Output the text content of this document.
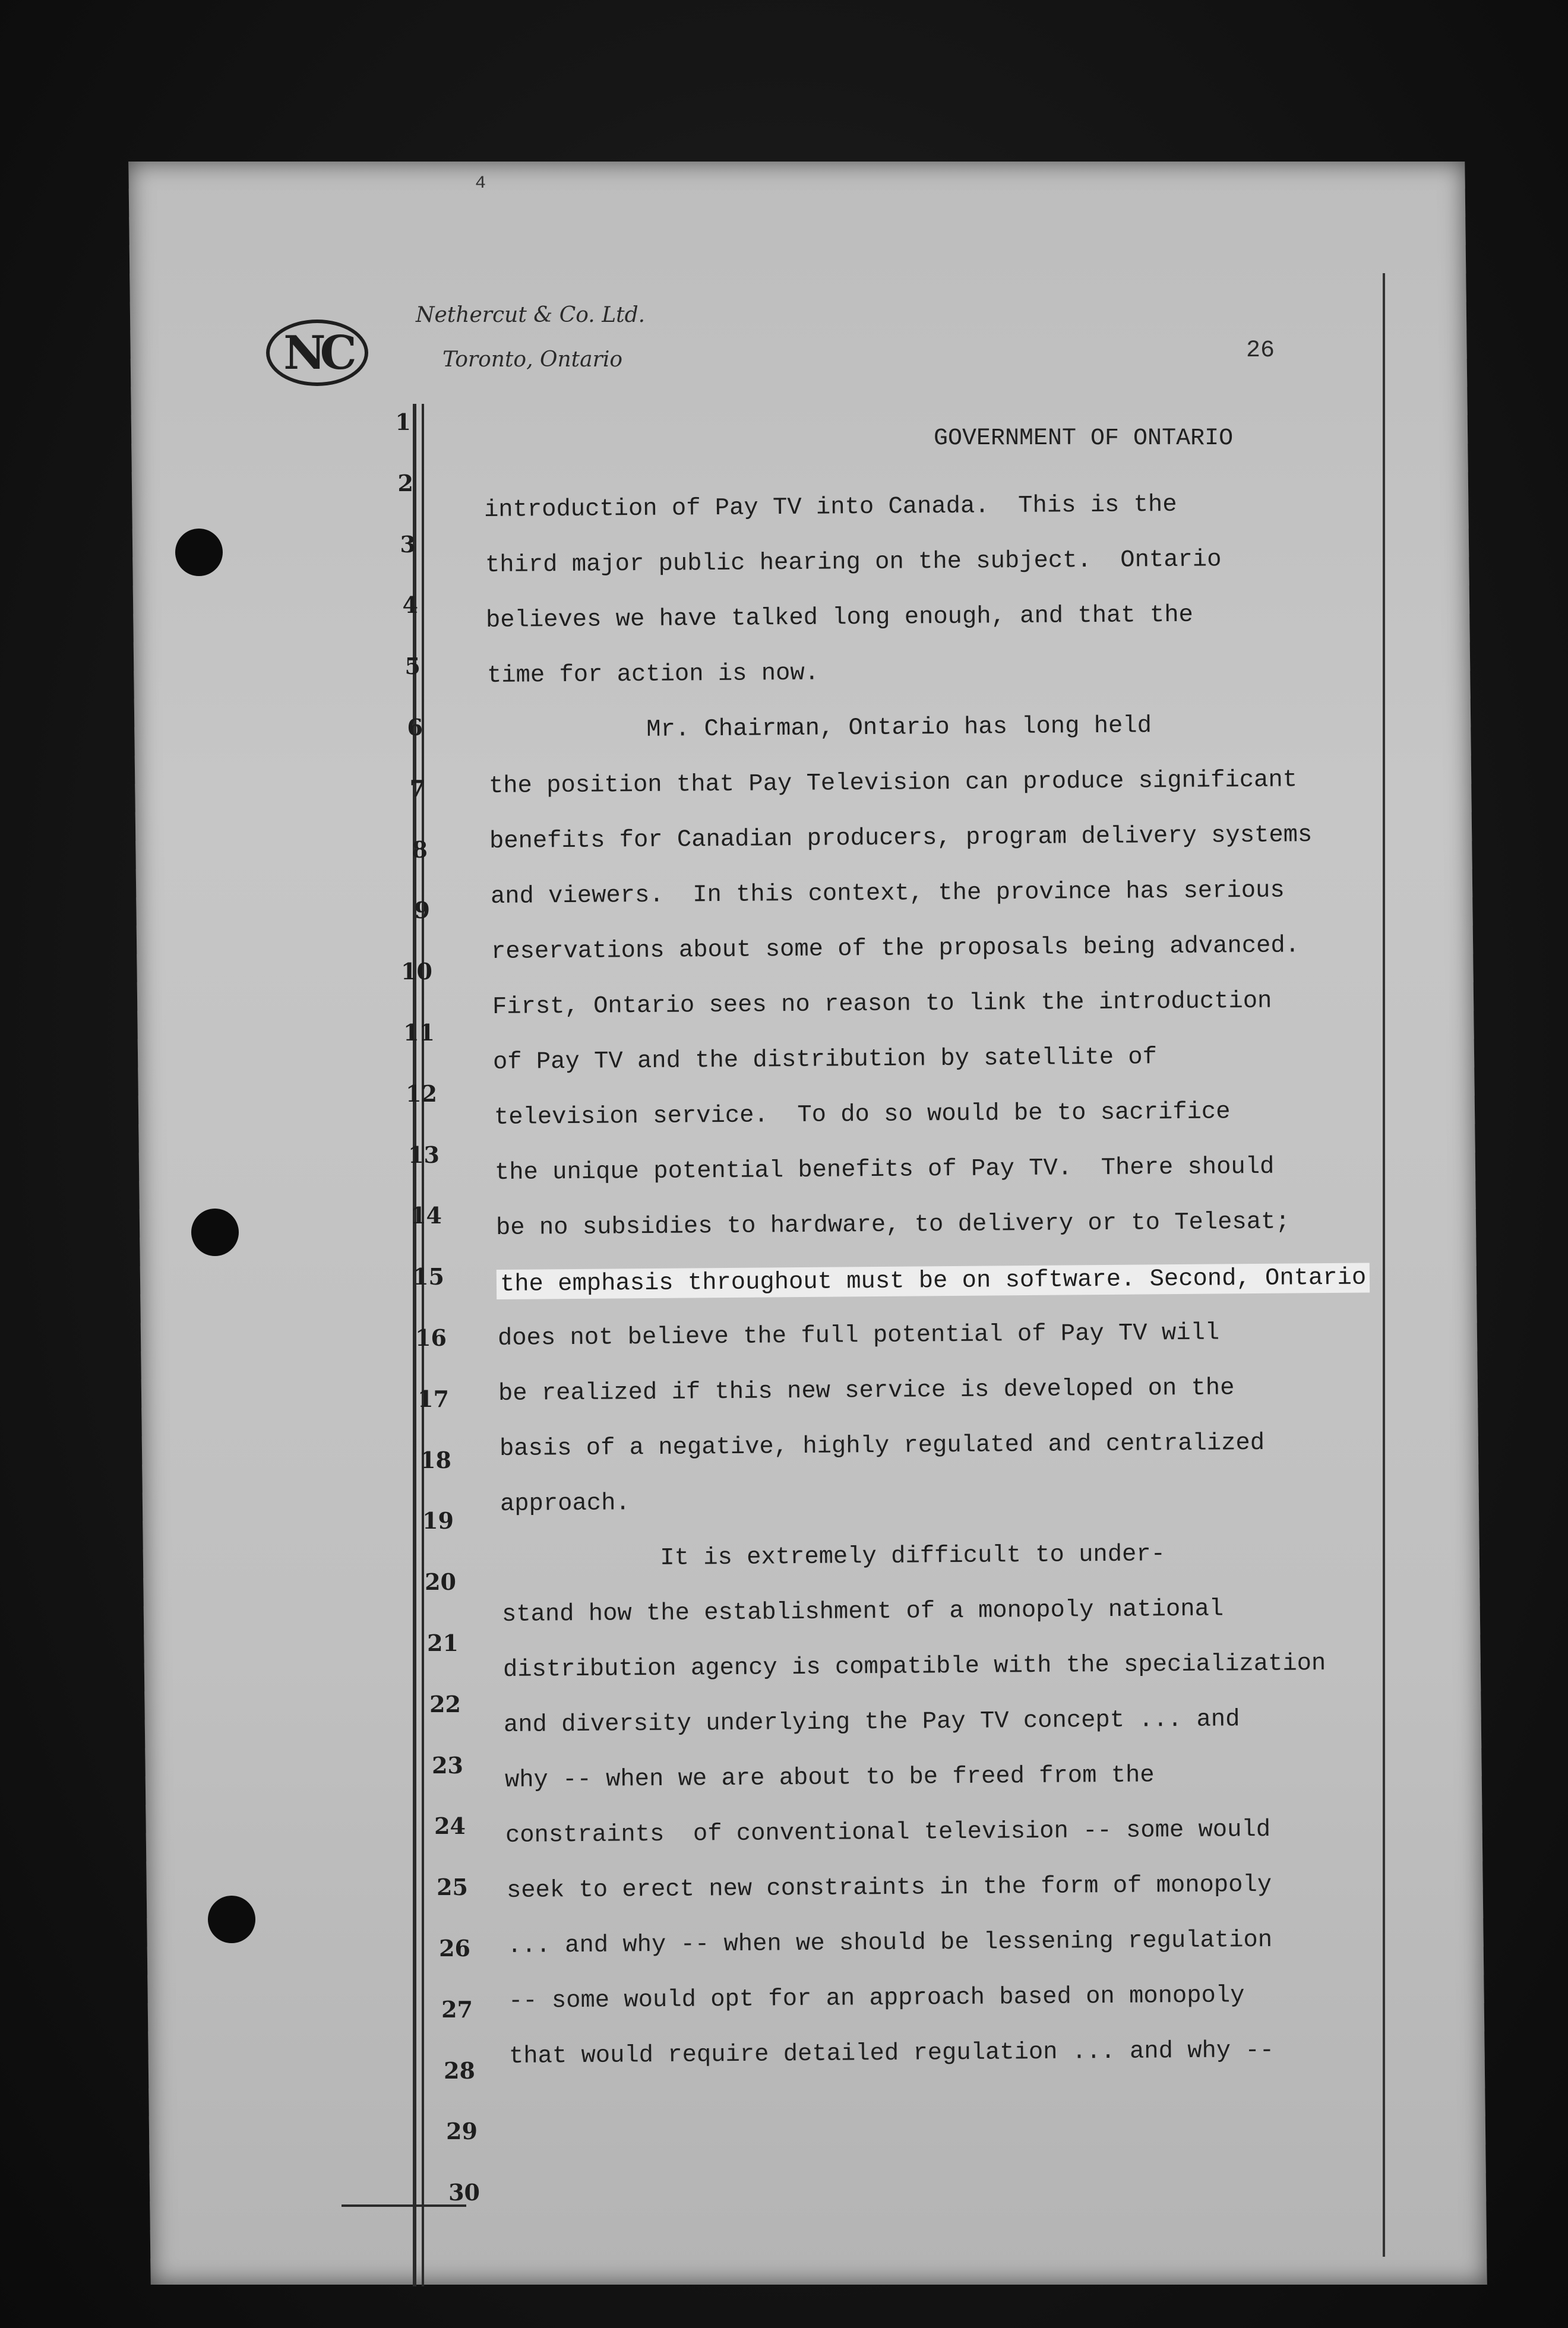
4
NC
Nethercut & Co. Ltd.
Toronto, Ontario	26
GOVERNMENT OF ONTARIO
1
2
3
4
5
6
7
8
9
10
11
12
13
14
15
16
17
18
19
20
21
22
23
24
25
26
27
28
29
30
introduction of Pay TV into Canada.  This is the
third major public hearing on the subject.  Ontario
believes we have talked long enough, and that the
time for action is now.
Mr. Chairman, Ontario has long held
the position that Pay Television can produce significant
benefits for Canadian producers, program delivery systems
and viewers.  In this context, the province has serious
reservations about some of the proposals being advanced.
First, Ontario sees no reason to link the introduction
of Pay TV and the distribution by satellite of
television service.  To do so would be to sacrifice
the unique potential benefits of Pay TV.  There should
be no subsidies to hardware, to delivery or to Telesat;
the emphasis throughout must be on software. Second, Ontario
does not believe the full potential of Pay TV will
be realized if this new service is developed on the
basis of a negative, highly regulated and centralized
approach.
It is extremely difficult to under-
stand how the establishment of a monopoly national
distribution agency is compatible with the specialization
and diversity underlying the Pay TV concept ... and
why -- when we are about to be freed from the
constraints  of conventional television -- some would
seek to erect new constraints in the form of monopoly
... and why -- when we should be lessening regulation
-- some would opt for an approach based on monopoly
that would require detailed regulation ... and why --
